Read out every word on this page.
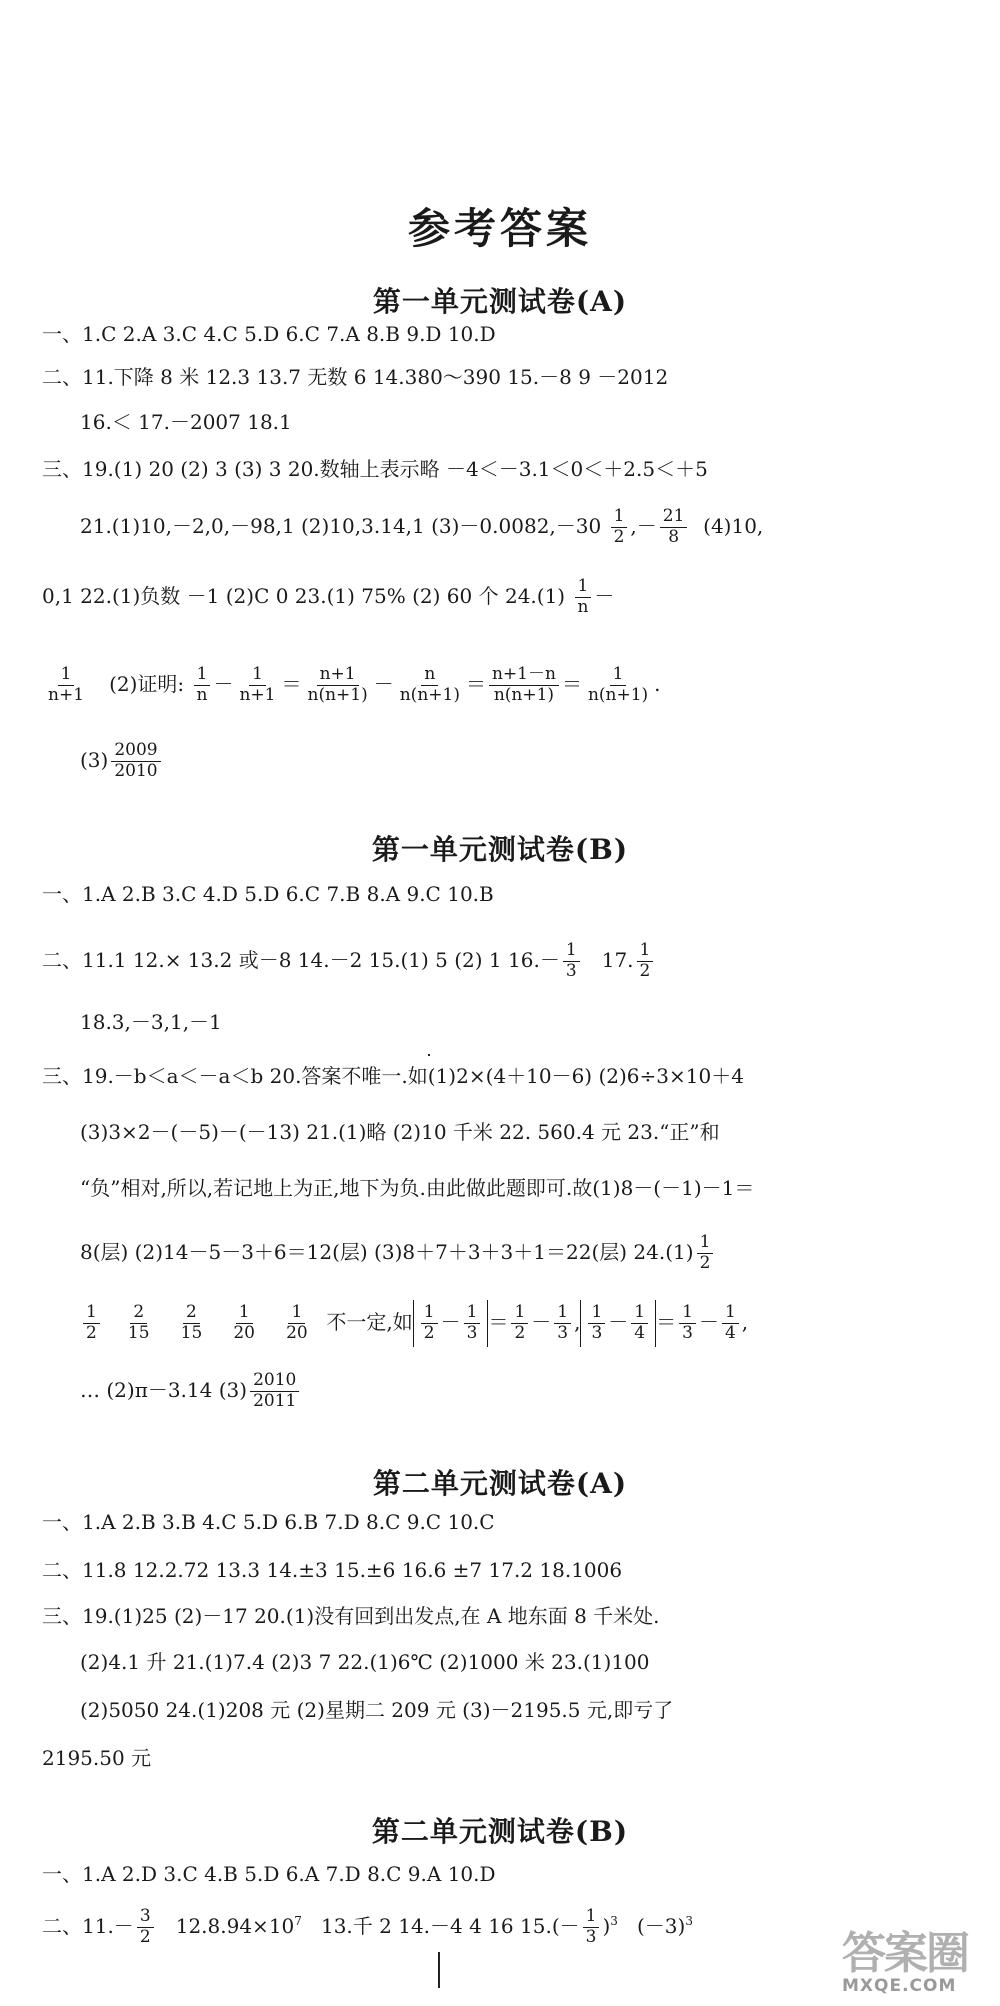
参考答案
第一单元测试卷(A)
一、1.C 2.A 3.C 4.C 5.D 6.C 7.A 8.B 9.D 10.D
二、11.下降 8 米 12.3 13.7 无数 6 14.380～390 15.－8 9 －2012
16.＜ 17.－2007 18.1
三、19.(1) 20 (2) 3 (3) 3 20.数轴上表示略 －4＜－3.1＜0＜＋2.5＜＋5
21.(1)10,－2,0,－98,1 (2)10,3.14,1 $(3)-0.0082,-30 \frac{1}{2}$ ,－ $\frac{21}{8} (4)10$,
0,1 22.(1)负数 －1 (2)C 0 23.(1) 75% (2) 60 个 $24.(1) \frac{1}{n}$ －
$\frac{1}{n+1} (2)$证明: $\frac{1}{n} - \frac{1}{n+1} = \frac{n+1}{n(n+1)} - \frac{n}{n(n+1)} = \frac{n+1-n}{n(n+1)} = \frac{1}{n(n+1)}$ .
$(3) \frac{2009}{2010}$
第一单元测试卷(B)
一、1.A 2.B 3.C 4.D 5.D 6.C 7.B 8.A 9.C 10.B
二、11.1 12.× 13.2 或－8 14.－2 15.(1) 5 (2) 1 $16.- \frac{1}{3} 17$. $\frac{1}{2}$
18.3,－3,1,－1
三、19.－b＜a＜－a＜b 20.答案不唯一.如(1)2×(4＋10－6) (2)6÷3×10＋4
(3)3×2－(－5)－(－13) 21.(1)略 (2)10 千米 22. 560.4 元 23.“正”和
“负”相对,所以,若记地上为正,地下为负.由此做此题即可.故(1)8－(－1)－1＝
8(层) (2)14－5－3＋6＝12(层) (3)8＋7＋3＋3＋1＝22(层) $24.(1) \frac{1}{2}$
$\frac{1}{2}$
$\frac{2}{15}$
$\frac{2}{15}$
$\frac{1}{20}$
$\frac{1}{20}$ 不一定,如 $\frac{1}{2} - \frac{1}{3} = \frac{1}{2} - \frac{1}{3}$ , $\frac{1}{3} - \frac{1}{4} = \frac{1}{3} - \frac{1}{4}$ ,
… (2)π－3.14 $(3) \frac{2010}{2011}$
第二单元测试卷(A)
一、1.A 2.B 3.B 4.C 5.D 6.B 7.D 8.C 9.C 10.C
二、11.8 12.2.72 13.3 14.±3 15.±6 16.6 ±7 17.2 18.1006
三、19.(1)25 (2)－17 20.(1)没有回到出发点,在 A 地东面 8 千米处.
(2)4.1 升 21.(1)7.4 (2)3 7 22.(1)6℃ (2)1000 米 23.(1)100
(2)5050 24.(1)208 元 (2)星期二 209 元 (3)－2195.5 元,即亏了
2195.50 元
第二单元测试卷(B)
一、1.A 2.D 3.C 4.B 5.D 6.A 7.D 8.C 9.A 10.D
二、$11.- \frac{3}{2} 12.8.94\times 10^7$ 13.千 2 14.－4 4 16 $15.(- \frac{1}{3} )^3$ $(-3)^3$
答案圈
MXQE.COM
